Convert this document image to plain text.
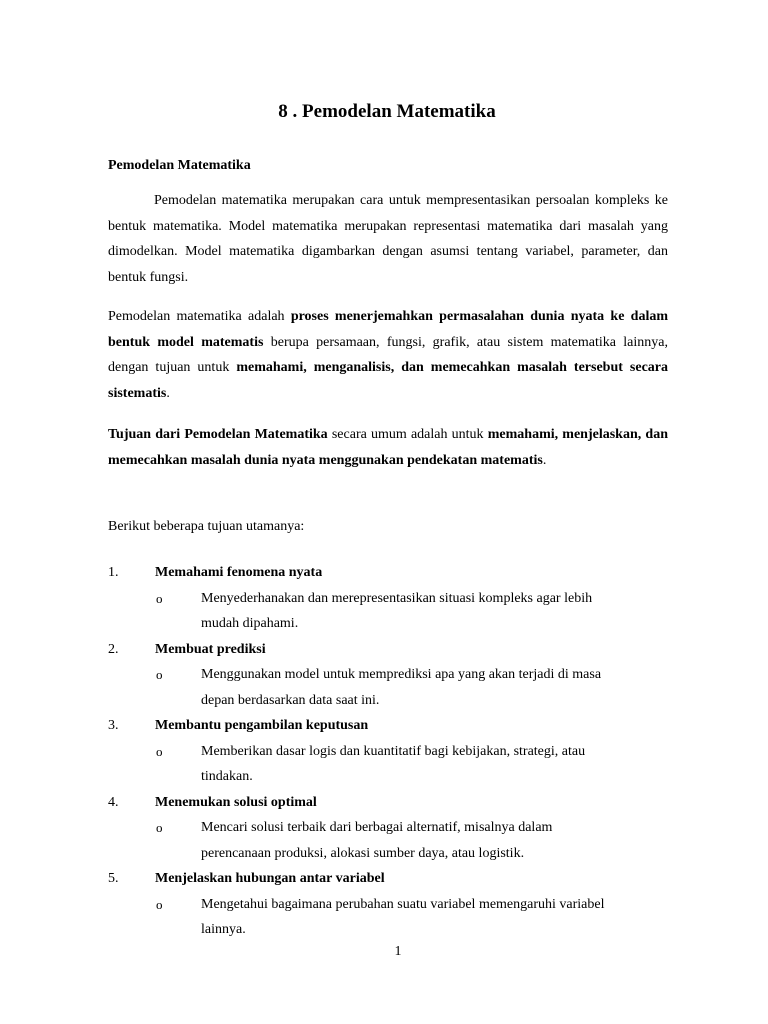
8 . Pemodelan Matematika
Pemodelan Matematika

Pemodelan matematika merupakan cara untuk mempresentasikan persoalan kompleks ke bentuk matematika. Model matematika merupakan representasi matematika dari masalah yang dimodelkan. Model matematika digambarkan dengan asumsi tentang variabel, parameter, dan bentuk fungsi.

Pemodelan matematika adalah proses menerjemahkan permasalahan dunia nyata ke dalam bentuk model matematis berupa persamaan, fungsi, grafik, atau sistem matematika lainnya, dengan tujuan untuk memahami, menganalisis, dan memecahkan masalah tersebut secara sistematis.

Tujuan dari Pemodelan Matematika secara umum adalah untuk memahami, menjelaskan, dan memecahkan masalah dunia nyata menggunakan pendekatan matematis.

Berikut beberapa tujuan utamanya:

1.	Memahami fenomena nyata
o	Menyederhanakan dan merepresentasikan situasi kompleks agar lebih mudah dipahami.
2.	Membuat prediksi
o	Menggunakan model untuk memprediksi apa yang akan terjadi di masa depan berdasarkan data saat ini.
3.	Membantu pengambilan keputusan
o	Memberikan dasar logis dan kuantitatif bagi kebijakan, strategi, atau tindakan.
4.	Menemukan solusi optimal
o	Mencari solusi terbaik dari berbagai alternatif, misalnya dalam perencanaan produksi, alokasi sumber daya, atau logistik.
5.	Menjelaskan hubungan antar variabel
o	Mengetahui bagaimana perubahan suatu variabel memengaruhi variabel lainnya.
1
